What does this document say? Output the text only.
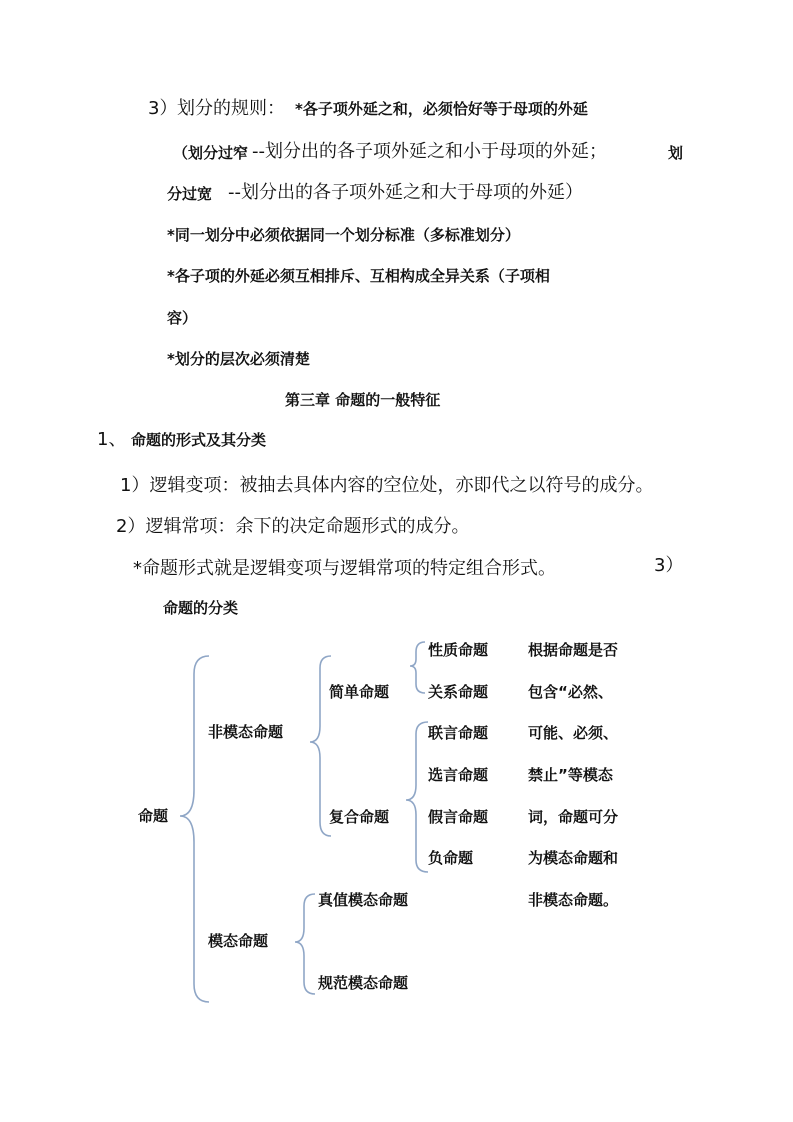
3） 划分的规则： *各子项外延之和，必须恰好等于母项的外延
（划分过窄 --划分出的各子项外延之和小于母项的外延；	划
分过宽 --划分出的各子项外延之和大于母项的外延）
*同一划分中必须依据同一个划分标准（多标准划分）
*各子项的外延必须互相排斥、互相构成全异关系（子项相
容）
*划分的层次必须清楚
第三章 命题的一般特征
1、 命题的形式及其分类
1）逻辑变项：被抽去具体内容的空位处，亦即代之以符号的成分。
2）逻辑常项：余下的决定命题形式的成分。
*命题形式就是逻辑变项与逻辑常项的特定组合形式。	3）
命题的分类
命题
非模态命题
模态命题
简单命题
复合命题
性质命题
关系命题
联言命题
选言命题
假言命题
负命题
真值模态命题
规范模态命题
根据命题是否
包含“必然、
可能、必须、
禁止”等模态
词，命题可分
为模态命题和
非模态命题。
